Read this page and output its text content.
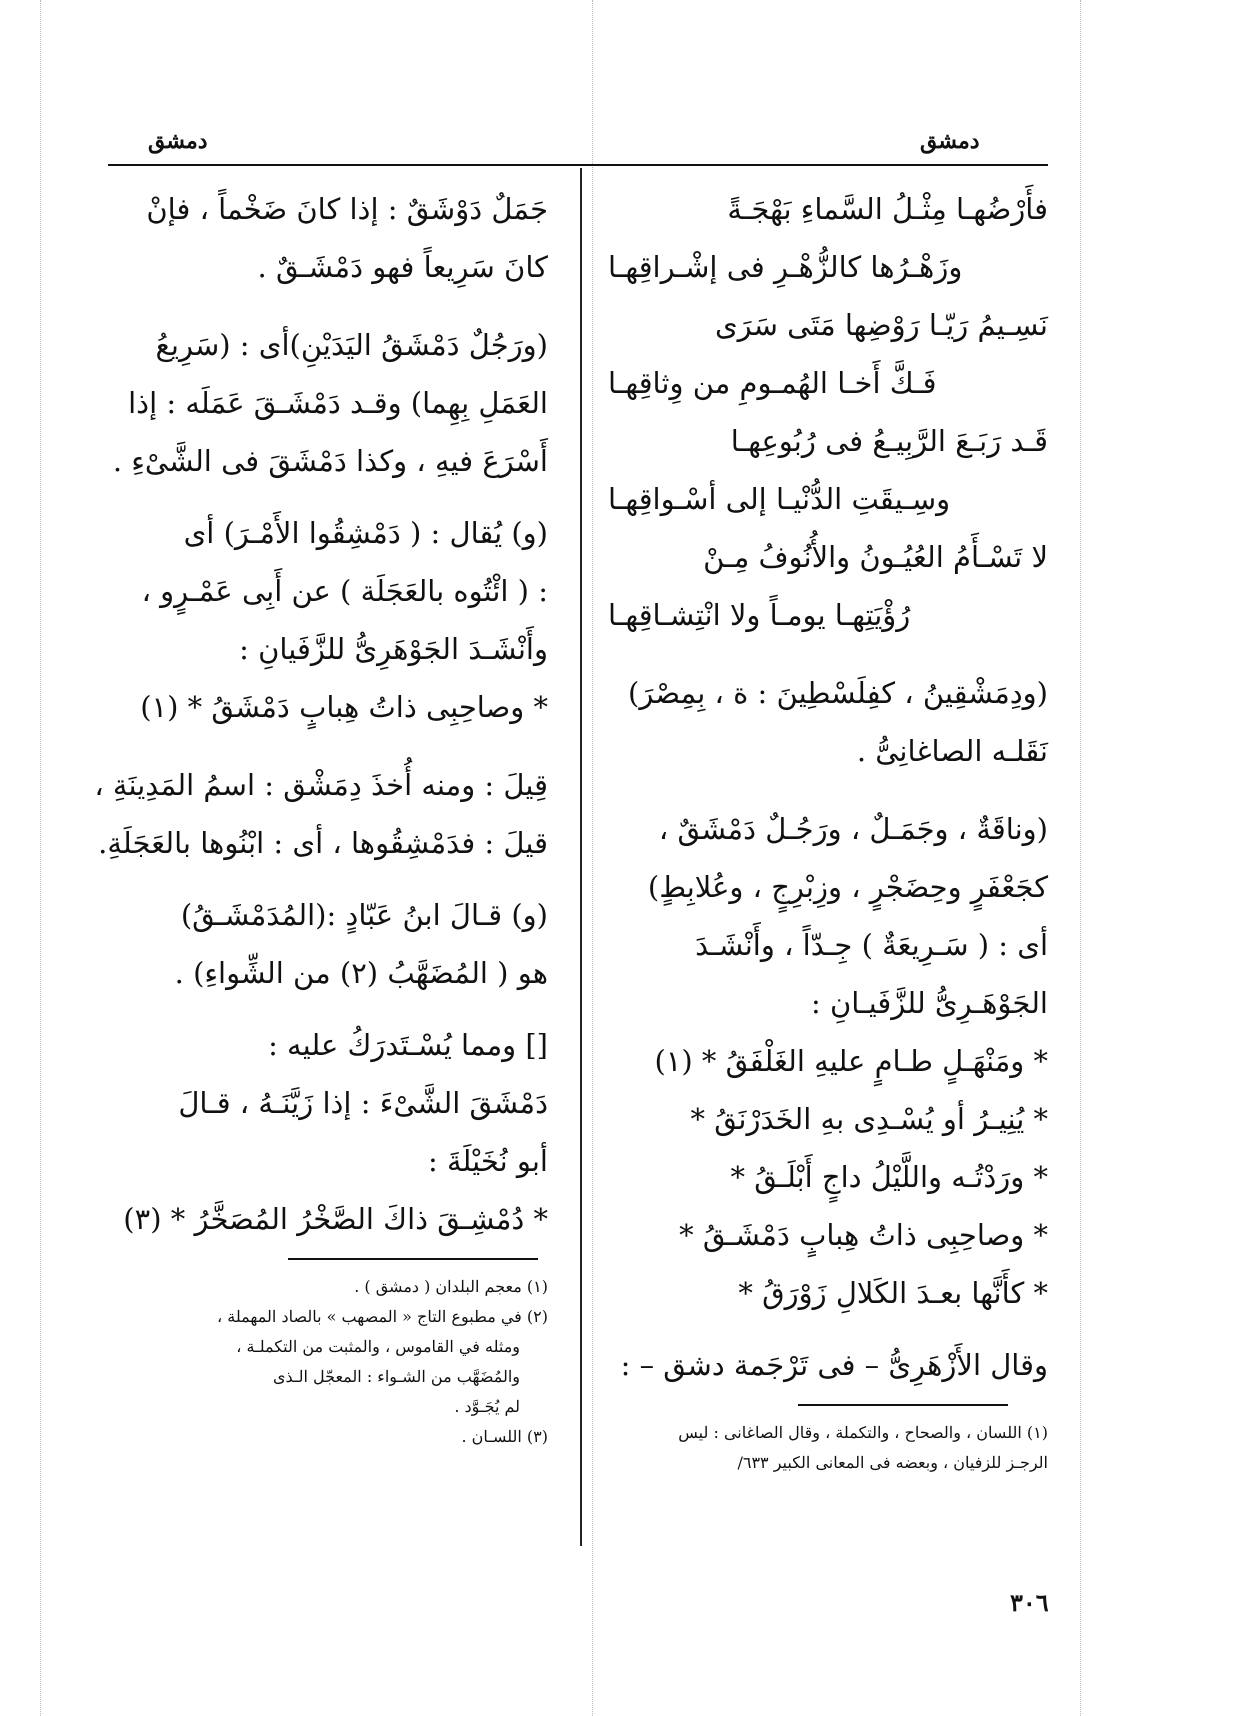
دمشق
دمشق
فأَرْضُهـا مِثْـلُ السَّماءِ بَهْجَـةً
وزَهْـرُها كالزُّهْـرِ فى إشْـراقِهـا
نَسِـيمُ رَيّـا رَوْضِها مَتَى سَرَى
فَـكَّ أَخـا الهُمـومِ من وِثاقِهـا
قَـد رَبَـعَ الرَّبِيـعُ فى رُبُوعِهـا
وسِـيقَتِ الدُّنْيـا إلى أسْـواقِهـا
لا تَسْـأَمُ العُيُـونُ والأُنُوفُ مِـنْ
رُؤْيَتِهـا يومـاً ولا انْتِشـاقِهـا
(ودِمَشْقِينُ ، كفِلَسْطِينَ : ة ، بِمِصْرَ)
نَقَلـه الصاغانِىُّ .
(وناقَةٌ ، وجَمَـلٌ ، ورَجُـلٌ دَمْشَقٌ ،
كجَعْفَرٍ وحِضَجْرٍ ، وزِبْرِجٍ ، وعُلابِطٍ)
أى : ( سَـرِيعَةٌ ) جِـدّاً ، وأَنْشَـدَ
الجَوْهَـرِىُّ للزَّفَيـانِ :
* ومَنْهَـلٍ طـامٍ عليهِ الغَلْفَقُ * (١)
* يُنِيـرُ أو يُسْـدِى بهِ الخَدَرْنَقُ *
* ورَدْتُـه واللَّيْلُ داجٍ أَبْلَـقُ *
* وصاحِبِى ذاتُ هِبابٍ دَمْشَـقُ *
* كأَنَّها بعـدَ الكَلالِ زَوْرَقُ *
وقال الأَزْهَرِىُّ – فى تَرْجَمة دشق – :
(١) اللسان ، والصحاح ، والتكملة ، وقال الصاغانى : ليس
الرجـز للزفيان ، وبعضه فى المعانى الكبير ٦٣٣/
جَمَلٌ دَوْشَقٌ : إذا كانَ ضَخْماً ، فإنْ
كانَ سَرِيعاً فهو دَمْشَـقٌ .
(ورَجُلٌ دَمْشَقُ اليَدَيْنِ)أى : (سَرِيعُ
العَمَلِ بِهِما) وقـد دَمْشَـقَ عَمَلَه : إذا
أَسْرَعَ فيهِ ، وكذا دَمْشَقَ فى الشَّىْءِ .
(و) يُقال : ( دَمْشِقُوا الأَمْـرَ) أى
: ( ائْتُوه بالعَجَلَة ) عن أَبِى عَمْـرٍو ،
وأَنْشَـدَ الجَوْهَرِىُّ للزَّفَيانِ :
* وصاحِبِى ذاتُ هِبابٍ دَمْشَقُ * (١)
قِيلَ : ومنه أُخذَ دِمَشْق : اسمُ المَدِينَةِ ،
قيلَ : فدَمْشِقُوها ، أى : ابْنُوها بالعَجَلَةِ.
(و) قـالَ ابنُ عَبّادٍ :(المُدَمْشَـقُ)
هو ( المُضَهَّبُ (٢) من الشِّواءِ) .
[] ومما يُسْـتَدرَكُ عليه :
دَمْشَقَ الشَّىْءَ : إذا زَيَّنَـهُ ، قـالَ
أبو نُخَيْلَةَ :
* دُمْشِـقَ ذاكَ الصَّخْرُ المُصَخَّرُ * (٣)
(١) معجم البلدان ( دمشق ) .
(٢) في مطبوع التاج « المصهب » بالصاد المهملة ،
ومثله في القاموس ، والمثبت من التكملـة ،
والمُضَهَّب من الشـواء : المعجّل الـذى
لم يُجَـوَّد .
(٣) اللسـان .
٣٠٦
